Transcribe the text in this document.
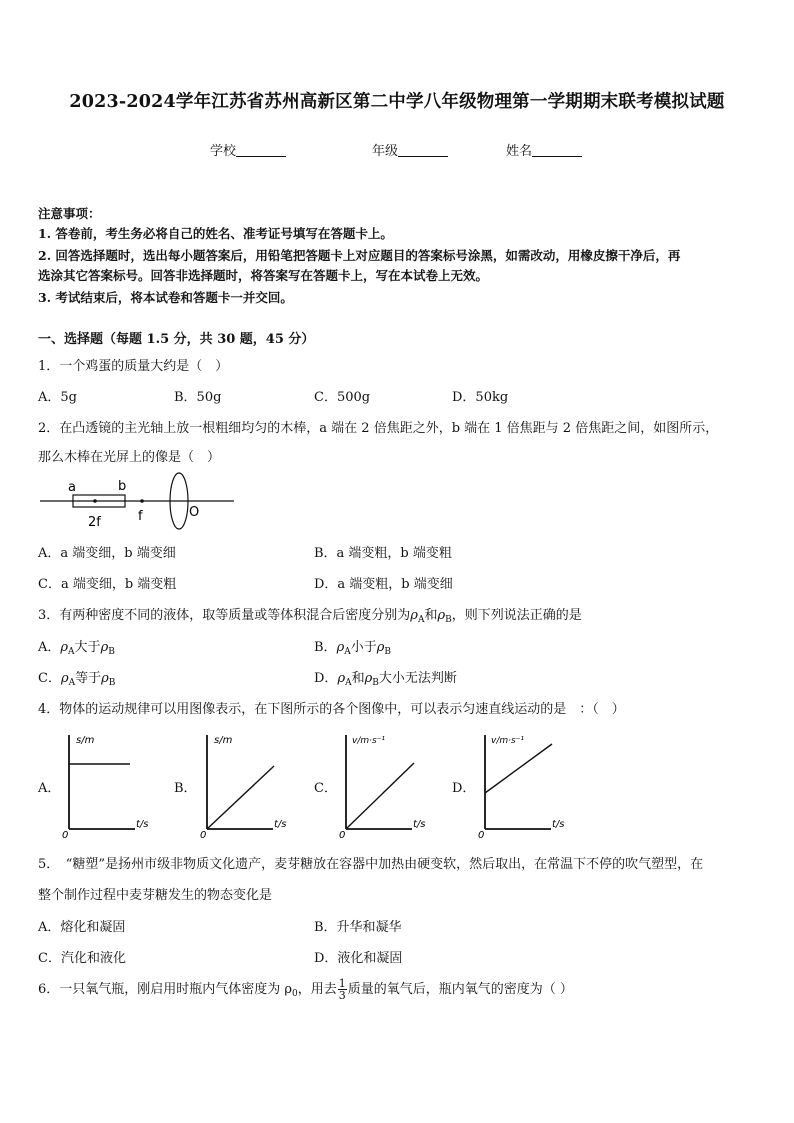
2023-2024学年江苏省苏州高新区第二中学八年级物理第一学期期末联考模拟试题
学校	年级	姓名
注意事项：
1. 答卷前，考生务必将自己的姓名、准考证号填写在答题卡上。
2. 回答选择题时，选出每小题答案后，用铅笔把答题卡上对应题目的答案标号涂黑，如需改动，用橡皮擦干净后，再
选涂其它答案标号。回答非选择题时，将答案写在答题卡上，写在本试卷上无效。
3. 考试结束后，将本试卷和答题卡一并交回。
一、选择题（每题 1.5 分，共 30 题，45 分）
1．一个鸡蛋的质量大约是（　）
A．5g	B．50g	C．500g	D．50kg
2．在凸透镜的主光轴上放一根粗细均匀的木棒，a 端在 2 倍焦距之外，b 端在 1 倍焦距与 2 倍焦距之间，如图所示，
那么木棒在光屏上的像是（　）
a	b
2f	f	O
A．a 端变细，b 端变细	B．a 端变粗，b 端变粗
C．a 端变细，b 端变粗	D．a 端变粗，b 端变细
3．有两种密度不同的液体，取等质量或等体积混合后密度分别为$\rho_A$和$\rho_B$，则下列说法正确的是
A．$\rho_A$大于$\rho_B$	B．$\rho_A$小于$\rho_B$
C．$\rho_A$等于$\rho_B$	D．$\rho_A$和$\rho_B$大小无法判断
4．物体的运动规律可以用图像表示，在下图所示的各个图像中，可以表示匀速直线运动的是　：（　）
A．	B．	C．	D．
s/m
t/s
0
s/m
t/s
0
v/m·s⁻¹
t/s
0
v/m·s⁻¹
t/s
0
5．　“糖塑”是扬州市级非物质文化遗产，麦芽糖放在容器中加热由硬变软，然后取出，在常温下不停的吹气塑型，在
整个制作过程中麦芽糖发生的物态变化是
A．熔化和凝固	B．升华和凝华
C．汽化和液化	D．液化和凝固
6．一只氧气瓶，刚启用时瓶内气体密度为 $\rho_0$，用去 $\frac{1}{3}$ 质量的氧气后，瓶内氧气的密度为（ ）
